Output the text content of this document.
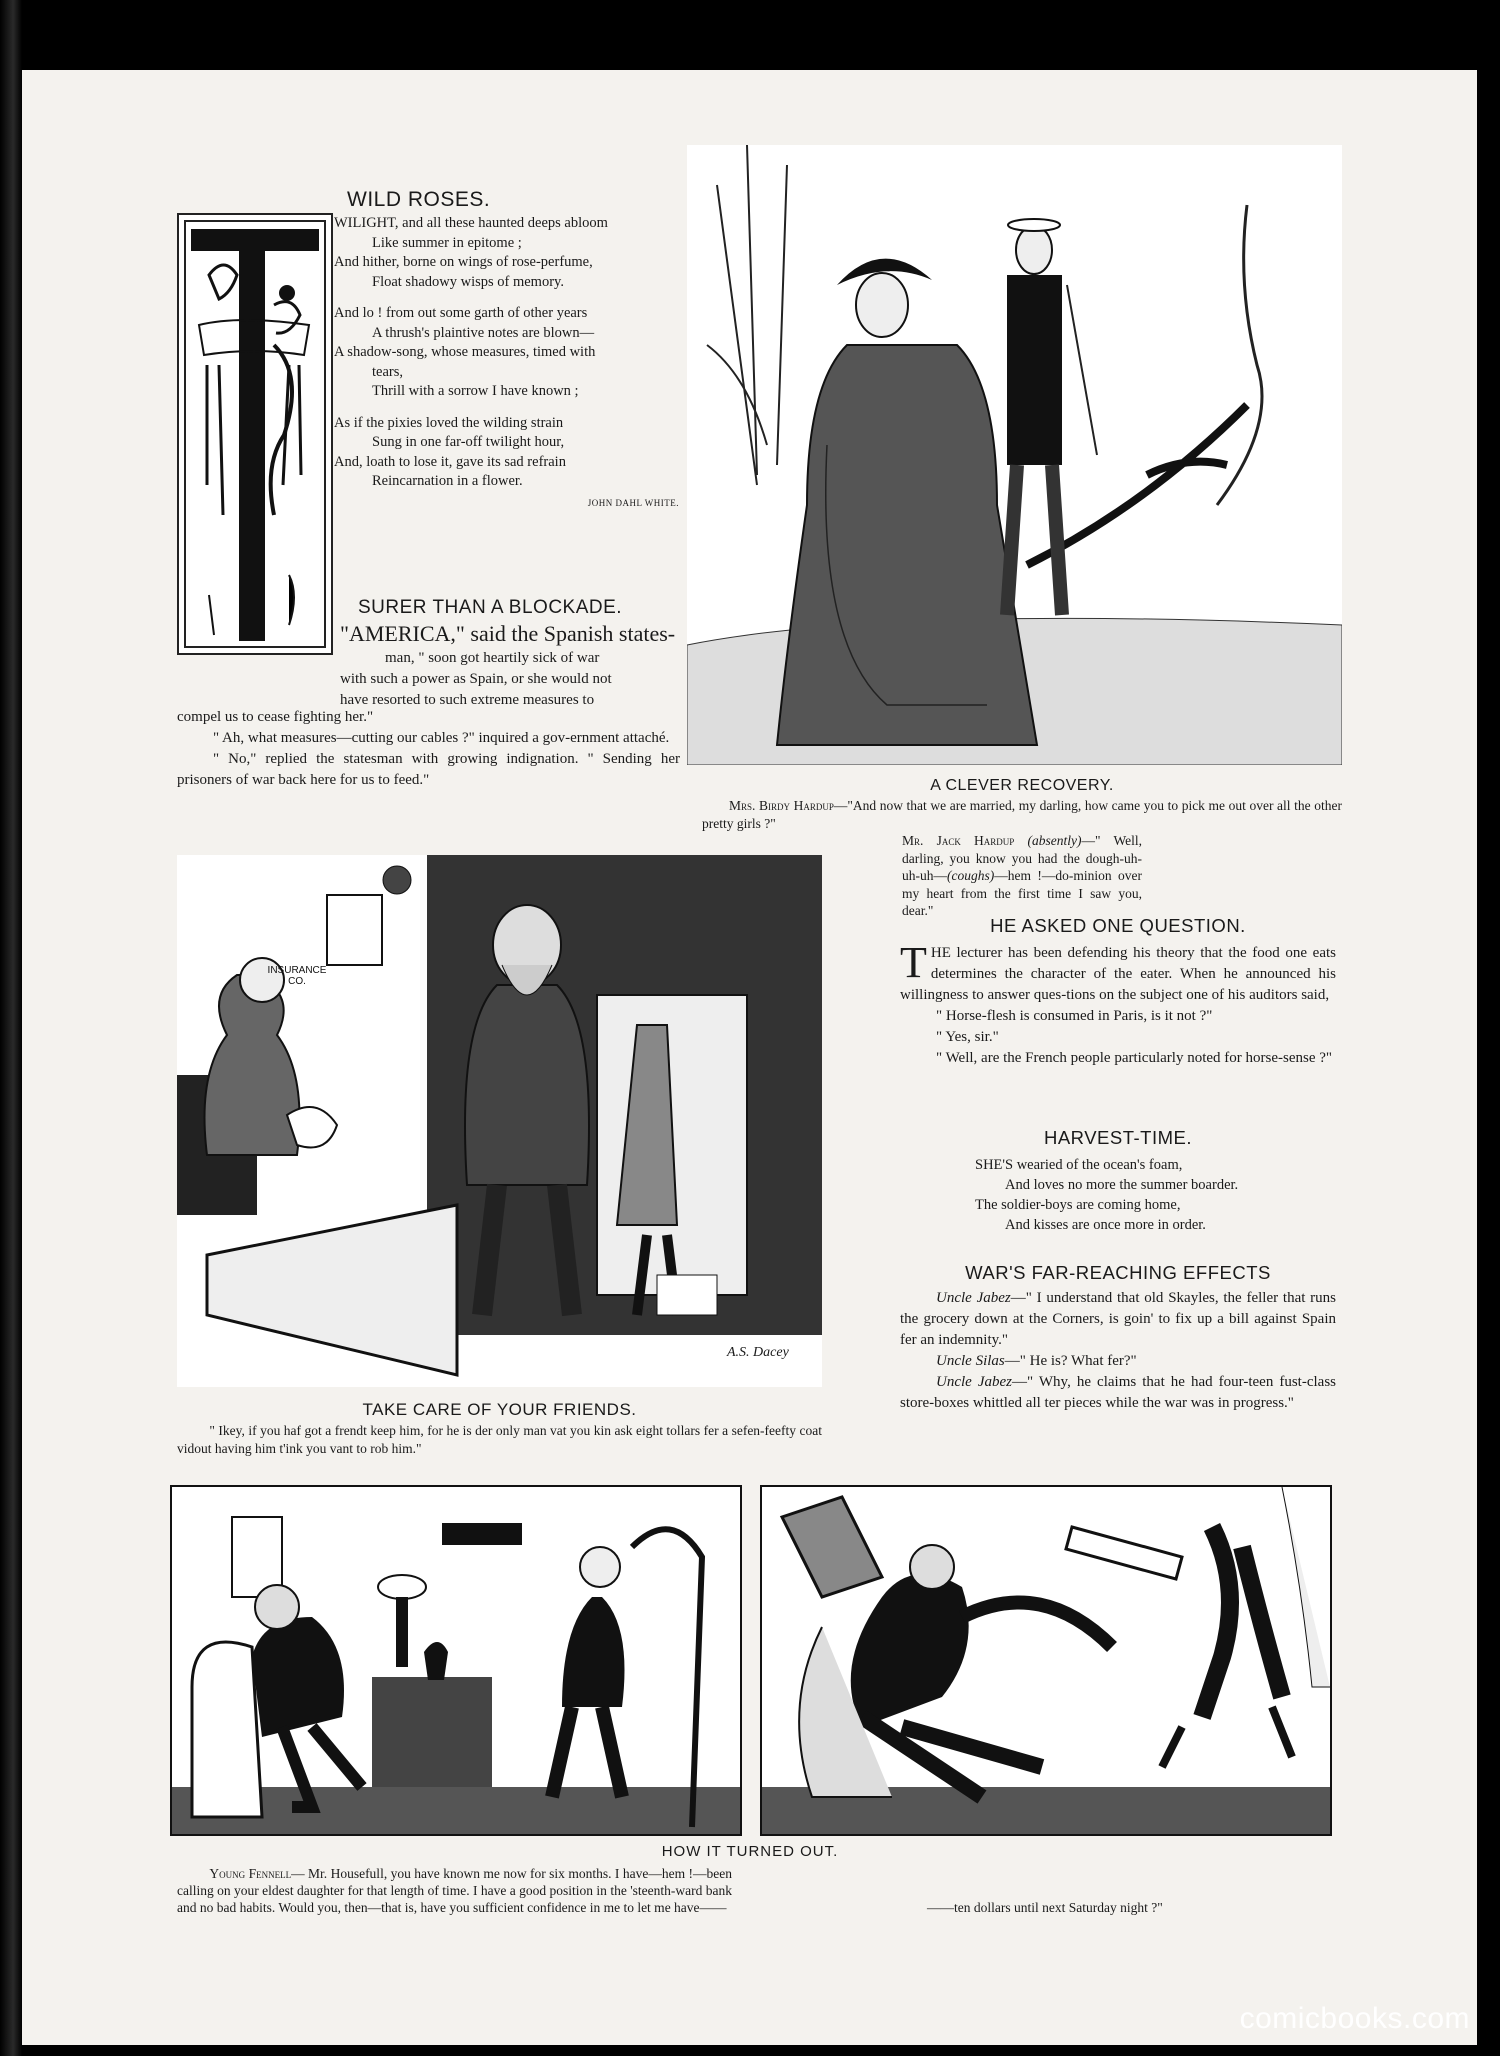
WILD ROSES.
WILIGHT, and all these haunted deeps abloom
Like summer in epitome ;
And hither, borne on wings of rose-perfume,
Float shadowy wisps of memory.
And lo ! from out some garth of other years
A thrush's plaintive notes are blown—
A shadow-song, whose measures, timed with
tears,
Thrill with a sorrow I have known ;
As if the pixies loved the wilding strain
Sung in one far-off twilight hour,
And, loath to lose it, gave its sad refrain
Reincarnation in a flower.
JOHN DAHL WHITE.
SURER THAN A BLOCKADE.

"AMERICA," said the Spanish states-

man, " soon got heartily sick of war

with such a power as Spain, or she would not

have resorted to such extreme measures to

compel us to cease fighting her."

" Ah, what measures—cutting our cables ?" inquired a gov-ernment attaché.

" No," replied the statesman with growing indignation. " Sending her prisoners of war back here for us to feed."	A CLEVER RECOVERY.
Mrs. Birdy Hardup—"And now that we are married, my darling, how came you to pick me out over all the other pretty girls ?"
Mr. Jack Hardup (absently)—" Well, darling, you know you had the dough-uh-uh-uh—(coughs)—hem !—do-minion over my heart from the first time I saw you, dear."
INSURANCE CO.
A.S. Dacey
TAKE CARE OF YOUR FRIENDS.
" Ikey, if you haf got a frendt keep him, for he is der only man vat you kin ask eight tollars fer a sefen-feefty coat vidout having him t'ink you vant to rob him."
HE ASKED ONE QUESTION.

THE lecturer has been defending his theory that the food one eats determines the character of the eater. When he announced his willingness to answer ques-tions on the subject one of his auditors said,

" Horse-flesh is consumed in Paris, is it not ?"

" Yes, sir."

" Well, are the French people particularly noted for horse-sense ?"

HARVEST-TIME.
SHE'S wearied of the ocean's foam,
And loves no more the summer boarder.
The soldier-boys are coming home,
And kisses are once more in order.
WAR'S FAR-REACHING EFFECTS

Uncle Jabez—" I understand that old Skayles, the feller that runs the grocery down at the Corners, is goin' to fix up a bill against Spain fer an indemnity."

Uncle Silas—" He is? What fer?"

Uncle Jabez—" Why, he claims that he had four-teen fust-class store-boxes whittled all ter pieces while the war was in progress."

HOW IT TURNED OUT.
Young Fennell— Mr. Housefull, you have known me now for six months. I have—hem !—been calling on your eldest daughter for that length of time. I have a good position in the 'steenth-ward bank and no bad habits. Would you, then—that is, have you sufficient confidence in me to let me have——	——ten dollars until next Saturday night ?"
comicbooks.com
